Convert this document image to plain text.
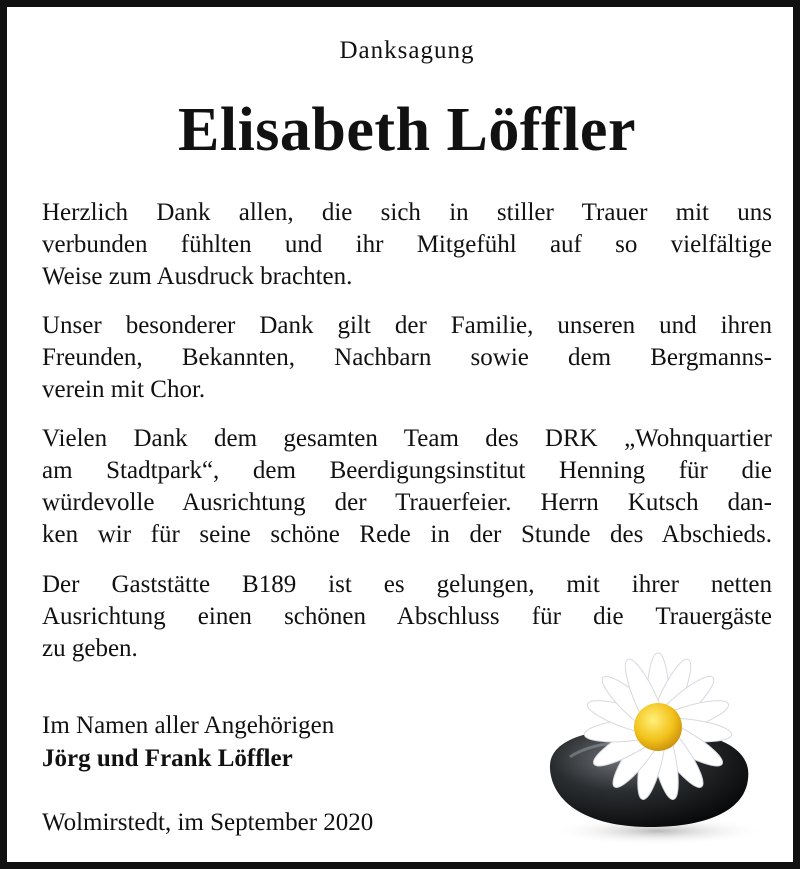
Danksagung
Elisabeth Löffler
Herzlich Dank allen, die sich in stiller Trauer mit uns
verbunden fühlten und ihr Mitgefühl auf so vielfältige
Weise zum Ausdruck brachten.
Unser besonderer Dank gilt der Familie, unseren und ihren
Freunden, Bekannten, Nachbarn sowie dem Bergmanns-
verein mit Chor.
Vielen Dank dem gesamten Team des DRK „Wohnquartier
am Stadtpark“, dem Beerdigungsinstitut Henning für die
würdevolle Ausrichtung der Trauerfeier. Herrn Kutsch dan-
ken wir für seine schöne Rede in der Stunde des Abschieds.
Der Gaststätte B189 ist es gelungen, mit ihrer netten
Ausrichtung einen schönen Abschluss für die Trauergäste
zu geben.
Im Namen aller Angehörigen
Jörg und Frank Löffler
Wolmirstedt, im September 2020
